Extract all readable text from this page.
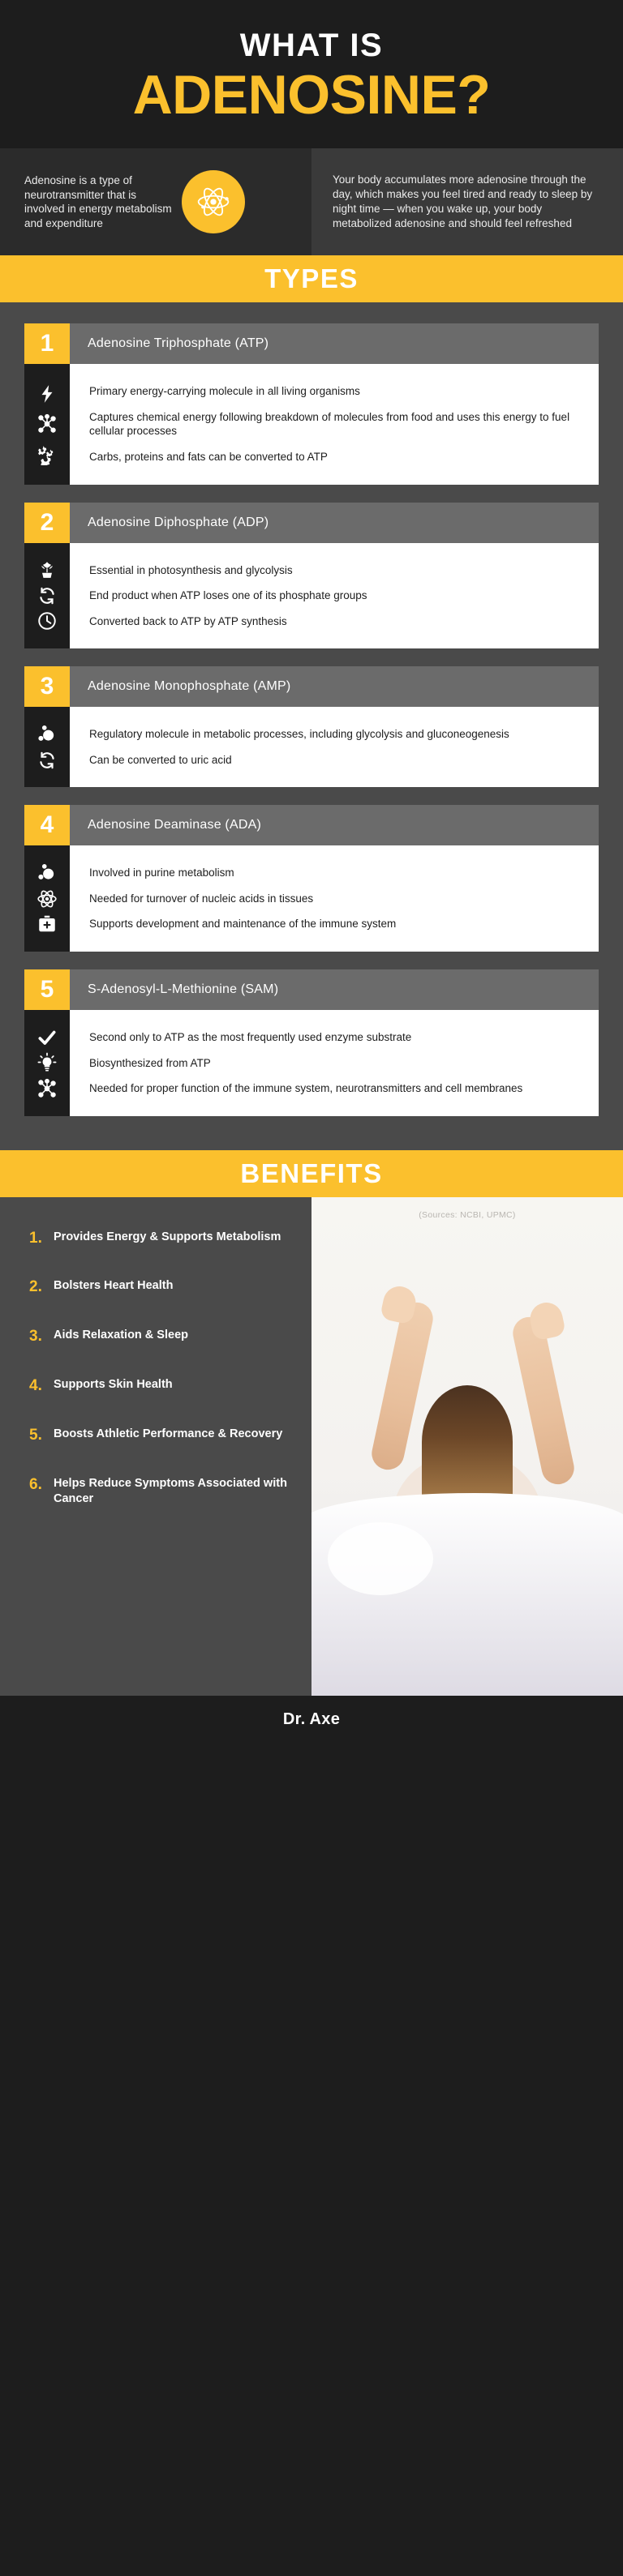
WHAT IS
ADENOSINE?

Adenosine is a type of neurotransmitter that is involved in energy metabolism and expenditure

Your body accumulates more adenosine through the day, which makes you feel tired and ready to sleep by night time — when you wake up, your body metabolized adenosine and should feel refreshed

TYPES
1	Adenosine Triphosphate (ATP)
Primary energy-carrying molecule in all living organisms
Captures chemical energy following breakdown of molecules from food and uses this energy to fuel cellular processes
Carbs, proteins and fats can be converted to ATP
2	Adenosine Diphosphate (ADP)
Essential in photosynthesis and glycolysis
End product when ATP loses one of its phosphate groups
Converted back to ATP by ATP synthesis
3	Adenosine Monophosphate (AMP)
Regulatory molecule in metabolic processes, including glycolysis and gluconeogenesis
Can be converted to uric acid
4	Adenosine Deaminase (ADA)
Involved in purine metabolism
Needed for turnover of nucleic acids in tissues
Supports development and maintenance of the immune system
5	S-Adenosyl-L-Methionine (SAM)
Second only to ATP as the most frequently used enzyme substrate
Biosynthesized from ATP
Needed for proper function of the immune system, neurotransmitters and cell membranes
BENEFITS
1. Provides Energy & Supports Metabolism
2. Bolsters Heart Health
3. Aids Relaxation & Sleep
4. Supports Skin Health
5. Boosts Athletic Performance & Recovery
6. Helps Reduce Symptoms Associated with Cancer
(Sources: NCBI, UPMC)
Dr. Axe
